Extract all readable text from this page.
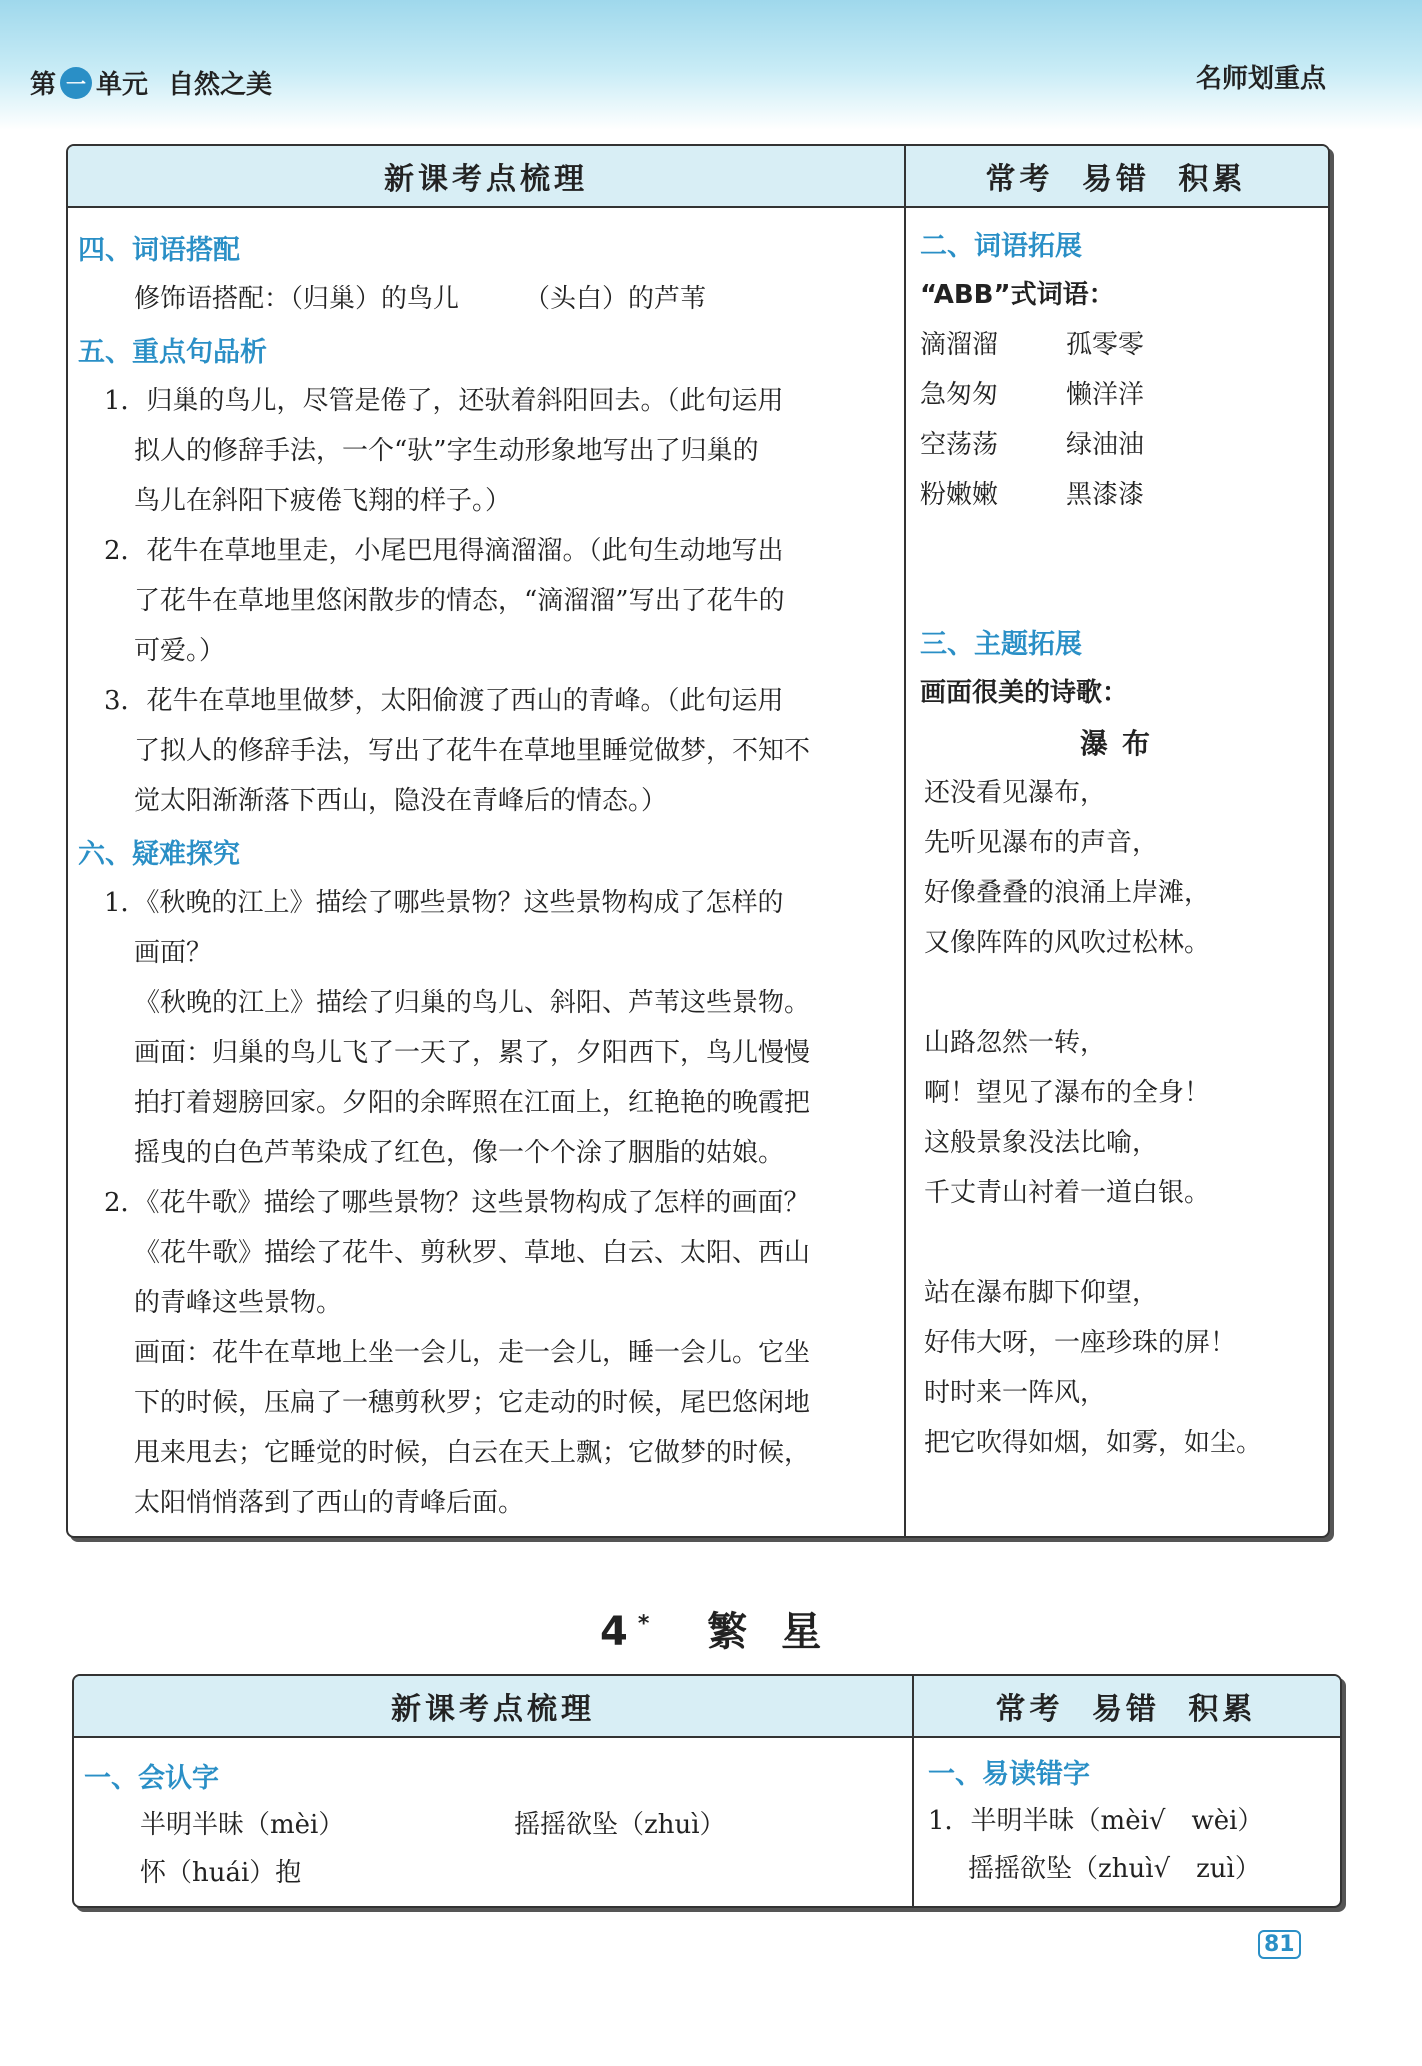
第 一 单元 自然之美	名师划重点
新课考点梳理	常考 易错 积累
四、词语搭配
修饰语搭配：（归巢）的鸟儿　　　（头白）的芦苇
五、重点句品析
1．归巢的鸟儿，尽管是倦了，还驮着斜阳回去。（此句运用
拟人的修辞手法，一个“驮”字生动形象地写出了归巢的
鸟儿在斜阳下疲倦飞翔的样子。）
2．花牛在草地里走，小尾巴甩得滴溜溜。（此句生动地写出
了花牛在草地里悠闲散步的情态，“滴溜溜”写出了花牛的
可爱。）
3．花牛在草地里做梦，太阳偷渡了西山的青峰。（此句运用
了拟人的修辞手法，写出了花牛在草地里睡觉做梦，不知不
觉太阳渐渐落下西山，隐没在青峰后的情态。）
六、疑难探究
1．《秋晚的江上》描绘了哪些景物？这些景物构成了怎样的
画面？
《秋晚的江上》描绘了归巢的鸟儿、斜阳、芦苇这些景物。
画面：归巢的鸟儿飞了一天了，累了，夕阳西下，鸟儿慢慢
拍打着翅膀回家。夕阳的余晖照在江面上，红艳艳的晚霞把
摇曳的白色芦苇染成了红色，像一个个涂了胭脂的姑娘。
2．《花牛歌》描绘了哪些景物？这些景物构成了怎样的画面？
《花牛歌》描绘了花牛、剪秋罗、草地、白云、太阳、西山
的青峰这些景物。
画面：花牛在草地上坐一会儿，走一会儿，睡一会儿。它坐
下的时候，压扁了一穗剪秋罗；它走动的时候，尾巴悠闲地
甩来甩去；它睡觉的时候，白云在天上飘；它做梦的时候，
太阳悄悄落到了西山的青峰后面。
二、词语拓展
“ABB”式词语：
滴溜溜	孤零零
急匆匆	懒洋洋
空荡荡	绿油油
粉嫩嫩	黑漆漆
三、主题拓展
画面很美的诗歌：
瀑布
还没看见瀑布，
先听见瀑布的声音，
好像叠叠的浪涌上岸滩，
又像阵阵的风吹过松林。
山路忽然一转，
啊！望见了瀑布的全身！
这般景象没法比喻，
千丈青山衬着一道白银。
站在瀑布脚下仰望，
好伟大呀，一座珍珠的屏！
时时来一阵风，
把它吹得如烟，如雾，如尘。
4* 繁 星
新课考点梳理	常考 易错 积累
一、会认字
半明半昧（mèi）	摇摇欲坠（zhuì）
怀（huái）抱
一、易读错字
1．半明半昧（mèi√　wèi）
摇摇欲坠（zhuì√　zuì）
81
